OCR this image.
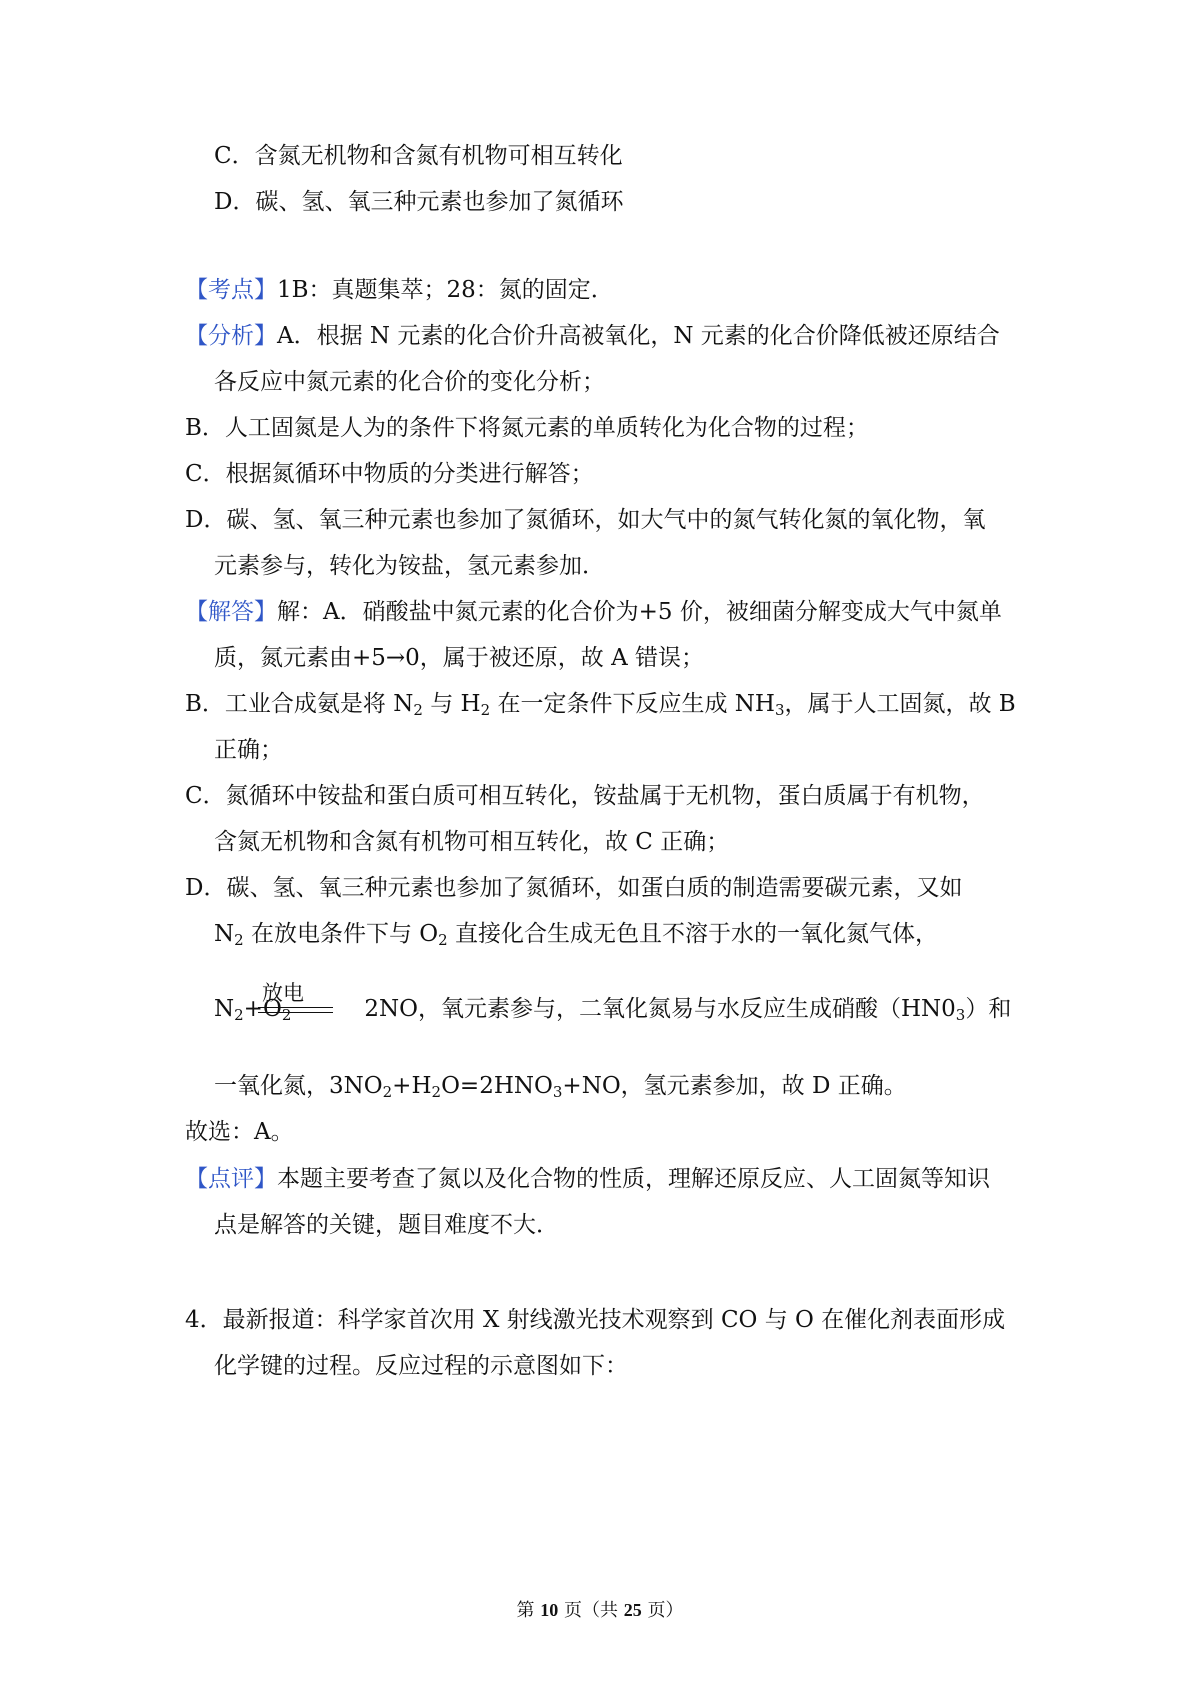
C．含氮无机物和含氮有机物可相互转化
D．碳、氢、氧三种元素也参加了氮循环
【考点】1B：真题集萃；28：氮的固定．
【分析】A．根据 N 元素的化合价升高被氧化，N 元素的化合价降低被还原结合
各反应中氮元素的化合价的变化分析；
B．人工固氮是人为的条件下将氮元素的单质转化为化合物的过程；
C．根据氮循环中物质的分类进行解答；
D．碳、氢、氧三种元素也参加了氮循环，如大气中的氮气转化氮的氧化物，氧
元素参与，转化为铵盐，氢元素参加．
【解答】解：A．硝酸盐中氮元素的化合价为+5 价，被细菌分解变成大气中氮单
质，氮元素由+5→0，属于被还原，故 A 错误；
B．工业合成氨是将 $N_2$ 与 $H_2$ 在一定条件下反应生成 $NH_3$，属于人工固氮，故 B
正确；
C．氮循环中铵盐和蛋白质可相互转化，铵盐属于无机物，蛋白质属于有机物，
含氮无机物和含氮有机物可相互转化，故 C 正确；
D．碳、氢、氧三种元素也参加了氮循环，如蛋白质的制造需要碳元素，又如
$N_2$ 在放电条件下与 $O_2$ 直接化合生成无色且不溶于水的一氧化氮气体，
放电
$N_2+O_2$	2NO，氧元素参与，二氧化氮易与水反应生成硝酸$(HN0_3)$和
一氧化氮，$3NO_2+H_2O=2HNO_3+NO$，氢元素参加，故 D 正确。
故选：A。
【点评】本题主要考查了氮以及化合物的性质，理解还原反应、人工固氮等知识
点是解答的关键，题目难度不大．
4．最新报道：科学家首次用 X 射线激光技术观察到 CO 与 O 在催化剂表面形成
化学键的过程。反应过程的示意图如下：
第 10 页（共 25 页）
